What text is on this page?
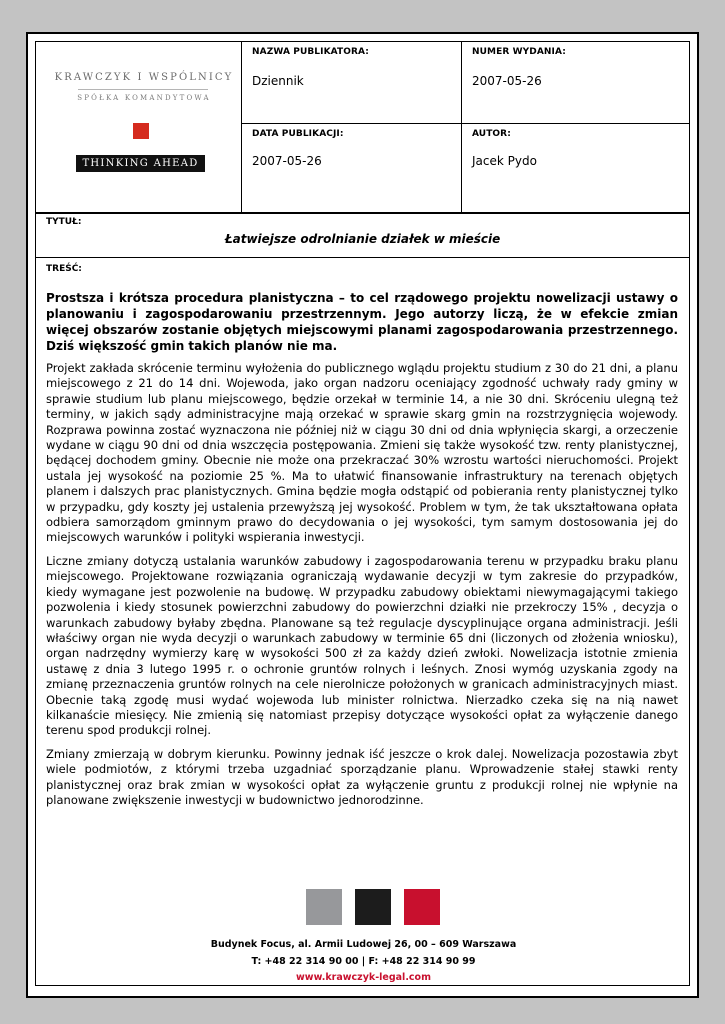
KRAWCZYK I WSPÓLNICY
SPÓŁKA KOMANDYTOWA
THINKING AHEAD
NAZWA PUBLIKATORA:
Dziennik
NUMER WYDANIA:
2007-05-26
DATA PUBLIKACJI:
2007-05-26
AUTOR:
Jacek Pydo
TYTUŁ:
Łatwiejsze odrolnianie działek w mieście
TREŚĆ:

Prostsza i krótsza procedura planistyczna – to cel rządowego projektu nowelizacji ustawy o planowaniu i zagospodarowaniu przestrzennym. Jego autorzy liczą, że w efekcie zmian więcej obszarów zostanie objętych miejscowymi planami zagospodarowania przestrzennego. Dziś większość gmin takich planów nie ma.

Projekt zakłada skrócenie terminu wyłożenia do publicznego wglądu projektu studium z 30 do 21 dni, a planu miejscowego z 21 do 14 dni. Wojewoda, jako organ nadzoru oceniający zgodność uchwały rady gminy w sprawie studium lub planu miejscowego, będzie orzekał w terminie 14, a nie 30 dni. Skróceniu ulegną też terminy, w jakich sądy administracyjne mają orzekać w sprawie skarg gmin na rozstrzygnięcia wojewody. Rozprawa powinna zostać wyznaczona nie później niż w ciągu 30 dni od dnia wpłynięcia skargi, a orzeczenie wydane w ciągu 90 dni od dnia wszczęcia postępowania. Zmieni się także wysokość tzw. renty planistycznej, będącej dochodem gminy. Obecnie nie może ona przekraczać 30% wzrostu wartości nieruchomości. Projekt ustala jej wysokość na poziomie 25 %. Ma to ułatwić finansowanie infrastruktury na terenach objętych planem i dalszych prac planistycznych. Gmina będzie mogła odstąpić od pobierania renty planistycznej tylko w przypadku, gdy koszty jej ustalenia przewyższą jej wysokość. Problem w tym, że tak ukształtowana opłata odbiera samorządom gminnym prawo do decydowania o jej wysokości, tym samym dostosowania jej do miejscowych warunków i polityki wspierania inwestycji.

Liczne zmiany dotyczą ustalania warunków zabudowy i zagospodarowania terenu w przypadku braku planu miejscowego. Projektowane rozwiązania ograniczają wydawanie decyzji w tym zakresie do przypadków, kiedy wymagane jest pozwolenie na budowę. W przypadku zabudowy obiektami niewymagającymi takiego pozwolenia i kiedy stosunek powierzchni zabudowy do powierzchni działki nie przekroczy 15% , decyzja o warunkach zabudowy byłaby zbędna. Planowane są też regulacje dyscyplinujące organa administracji. Jeśli właściwy organ nie wyda decyzji o warunkach zabudowy w terminie 65 dni (liczonych od złożenia wniosku), organ nadrzędny wymierzy karę w wysokości 500 zł za każdy dzień zwłoki. Nowelizacja istotnie zmienia ustawę z dnia 3 lutego 1995 r. o ochronie gruntów rolnych i leśnych. Znosi wymóg uzyskania zgody na zmianę przeznaczenia gruntów rolnych na cele nierolnicze położonych w granicach administracyjnych miast. Obecnie taką zgodę musi wydać wojewoda lub minister rolnictwa. Nierzadko czeka się na nią nawet kilkanaście miesięcy. Nie zmienią się natomiast przepisy dotyczące wysokości opłat za wyłączenie danego terenu spod produkcji rolnej.

Zmiany zmierzają w dobrym kierunku. Powinny jednak iść jeszcze o krok dalej. Nowelizacja pozostawia zbyt wiele podmiotów, z którymi trzeba uzgadniać sporządzanie planu. Wprowadzenie stałej stawki renty planistycznej oraz brak zmian w wysokości opłat za wyłączenie gruntu z produkcji rolnej nie wpłynie na planowane zwiększenie inwestycji w budownictwo jednorodzinne.

Budynek Focus, al. Armii Ludowej 26, 00 – 609 Warszawa
T: +48 22 314 90 00 | F: +48 22 314 90 99
www.krawczyk-legal.com
